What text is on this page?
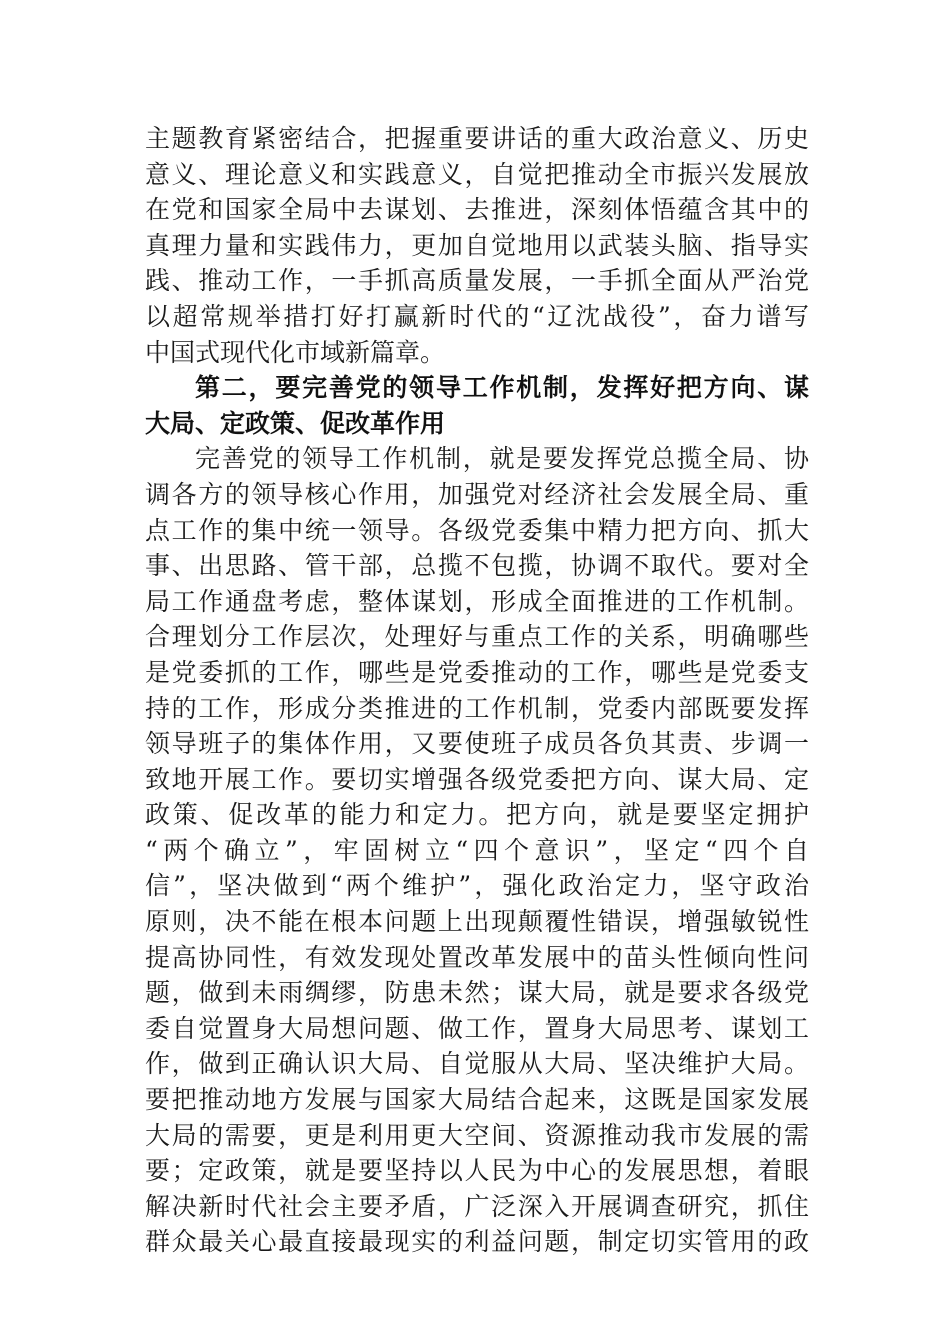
主题教育紧密结合，把握重要讲话的重大政治意义、历史
意义、理论意义和实践意义，自觉把推动全市振兴发展放
在党和国家全局中去谋划、去推进，深刻体悟蕴含其中的
真理力量和实践伟力，更加自觉地用以武装头脑、指导实
践、推动工作，一手抓高质量发展，一手抓全面从严治党
以超常规举措打好打赢新时代的“辽沈战役”，奋力谱写
中国式现代化市域新篇章。
第二，要完善党的领导工作机制，发挥好把方向、谋
大局、定政策、促改革作用
完善党的领导工作机制，就是要发挥党总揽全局、协
调各方的领导核心作用，加强党对经济社会发展全局、重
点工作的集中统一领导。各级党委集中精力把方向、抓大
事、出思路、管干部，总揽不包揽，协调不取代。要对全
局工作通盘考虑，整体谋划，形成全面推进的工作机制。
合理划分工作层次，处理好与重点工作的关系，明确哪些
是党委抓的工作，哪些是党委推动的工作，哪些是党委支
持的工作，形成分类推进的工作机制，党委内部既要发挥
领导班子的集体作用，又要使班子成员各负其责、步调一
致地开展工作。要切实增强各级党委把方向、谋大局、定
政策、促改革的能力和定力。把方向，就是要坚定拥护
“两个确立”，牢固树立“四个意识”，坚定“四个自
信”，坚决做到“两个维护”，强化政治定力，坚守政治
原则，决不能在根本问题上出现颠覆性错误，增强敏锐性
提高协同性，有效发现处置改革发展中的苗头性倾向性问
题，做到未雨绸缪，防患未然；谋大局，就是要求各级党
委自觉置身大局想问题、做工作，置身大局思考、谋划工
作，做到正确认识大局、自觉服从大局、坚决维护大局。
要把推动地方发展与国家大局结合起来，这既是国家发展
大局的需要，更是利用更大空间、资源推动我市发展的需
要；定政策，就是要坚持以人民为中心的发展思想，着眼
解决新时代社会主要矛盾，广泛深入开展调查研究，抓住
群众最关心最直接最现实的利益问题，制定切实管用的政
